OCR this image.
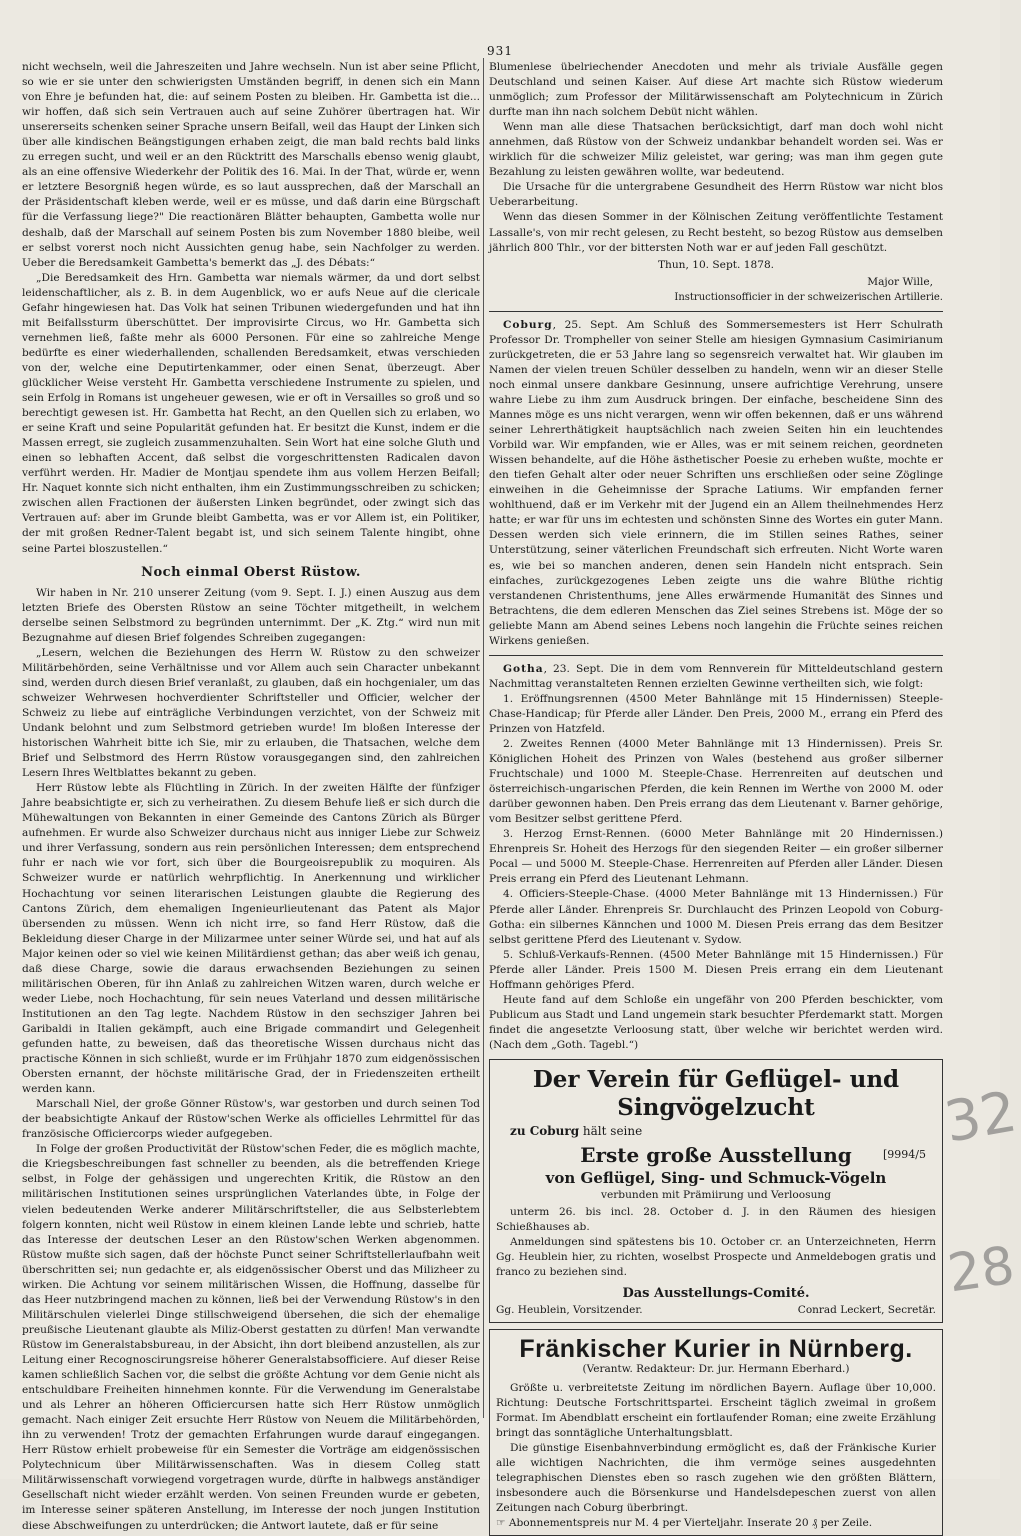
931

nicht wechseln, weil die Jahreszeiten und Jahre wechseln. Nun ist aber seine Pflicht, so wie er sie unter den schwierigsten Umständen begriff, in denen sich ein Mann von Ehre je befunden hat, die: auf seinem Posten zu bleiben. Hr. Gambetta ist die... wir hoffen, daß sich sein Vertrauen auch auf seine Zuhörer übertragen hat. Wir unsererseits schenken seiner Sprache unsern Beifall, weil das Haupt der Linken sich über alle kindischen Beängstigungen erhaben zeigt, die man bald rechts bald links zu erregen sucht, und weil er an den Rücktritt des Marschalls ebenso wenig glaubt, als an eine offensive Wiederkehr der Politik des 16. Mai. In der That, würde er, wenn er letztere Besorgniß hegen würde, es so laut aussprechen, daß der Marschall an der Präsidentschaft kleben werde, weil er es müsse, und daß darin eine Bürgschaft für die Verfassung liege?" Die reactionären Blätter behaupten, Gambetta wolle nur deshalb, daß der Marschall auf seinem Posten bis zum November 1880 bleibe, weil er selbst vorerst noch nicht Aussichten genug habe, sein Nachfolger zu werden. Ueber die Beredsamkeit Gambetta's bemerkt das „J. des Débats:“

„Die Beredsamkeit des Hrn. Gambetta war niemals wärmer, da und dort selbst leidenschaftlicher, als z. B. in dem Augenblick, wo er aufs Neue auf die clericale Gefahr hingewiesen hat. Das Volk hat seinen Tribunen wiedergefunden und hat ihn mit Beifallssturm überschüttet. Der improvisirte Circus, wo Hr. Gambetta sich vernehmen ließ, faßte mehr als 6000 Personen. Für eine so zahlreiche Menge bedürfte es einer wiederhallenden, schallenden Beredsamkeit, etwas verschieden von der, welche eine Deputirtenkammer, oder einen Senat, überzeugt. Aber glücklicher Weise versteht Hr. Gambetta verschiedene Instrumente zu spielen, und sein Erfolg in Romans ist ungeheuer gewesen, wie er oft in Versailles so groß und so berechtigt gewesen ist. Hr. Gambetta hat Recht, an den Quellen sich zu erlaben, wo er seine Kraft und seine Popularität gefunden hat. Er besitzt die Kunst, indem er die Massen erregt, sie zugleich zusammenzuhalten. Sein Wort hat eine solche Gluth und einen so lebhaften Accent, daß selbst die vorgeschrittensten Radicalen davon verführt werden. Hr. Madier de Montjau spendete ihm aus vollem Herzen Beifall; Hr. Naquet konnte sich nicht enthalten, ihm ein Zustimmungsschreiben zu schicken; zwischen allen Fractionen der äußersten Linken begründet, oder zwingt sich das Vertrauen auf: aber im Grunde bleibt Gambetta, was er vor Allem ist, ein Politiker, der mit großen Redner-Talent begabt ist, und sich seinem Talente hingibt, ohne seine Partei bloszustellen.“

Noch einmal Oberst Rüstow.

Wir haben in Nr. 210 unserer Zeitung (vom 9. Sept. I. J.) einen Auszug aus dem letzten Briefe des Obersten Rüstow an seine Töchter mitgetheilt, in welchem derselbe seinen Selbstmord zu begründen unternimmt. Der „K. Ztg.“ wird nun mit Bezugnahme auf diesen Brief folgendes Schreiben zugegangen:

„Lesern, welchen die Beziehungen des Herrn W. Rüstow zu den schweizer Militärbehörden, seine Verhältnisse und vor Allem auch sein Character unbekannt sind, werden durch diesen Brief veranlaßt, zu glauben, daß ein hochgenialer, um das schweizer Wehrwesen hochverdienter Schriftsteller und Officier, welcher der Schweiz zu liebe auf einträgliche Verbindungen verzichtet, von der Schweiz mit Undank belohnt und zum Selbstmord getrieben wurde! Im bloßen Interesse der historischen Wahrheit bitte ich Sie, mir zu erlauben, die Thatsachen, welche dem Brief und Selbstmord des Herrn Rüstow vorausgegangen sind, den zahlreichen Lesern Ihres Weltblattes bekannt zu geben.

Herr Rüstow lebte als Flüchtling in Zürich. In der zweiten Hälfte der fünfziger Jahre beabsichtigte er, sich zu verheirathen. Zu diesem Behufe ließ er sich durch die Mühewaltungen von Bekannten in einer Gemeinde des Cantons Zürich als Bürger aufnehmen. Er wurde also Schweizer durchaus nicht aus inniger Liebe zur Schweiz und ihrer Verfassung, sondern aus rein persönlichen Interessen; dem entsprechend fuhr er nach wie vor fort, sich über die Bourgeoisrepublik zu moquiren. Als Schweizer wurde er natürlich wehrpflichtig. In Anerkennung und wirklicher Hochachtung vor seinen literarischen Leistungen glaubte die Regierung des Cantons Zürich, dem ehemaligen Ingenieurlieutenant das Patent als Major übersenden zu müssen. Wenn ich nicht irre, so fand Herr Rüstow, daß die Bekleidung dieser Charge in der Milizarmee unter seiner Würde sei, und hat auf als Major keinen oder so viel wie keinen Militärdienst gethan; das aber weiß ich genau, daß diese Charge, sowie die daraus erwachsenden Beziehungen zu seinen militärischen Oberen, für ihn Anlaß zu zahlreichen Witzen waren, durch welche er weder Liebe, noch Hochachtung, für sein neues Vaterland und dessen militärische Institutionen an den Tag legte. Nachdem Rüstow in den sechsziger Jahren bei Garibaldi in Italien gekämpft, auch eine Brigade commandirt und Gelegenheit gefunden hatte, zu beweisen, daß das theoretische Wissen durchaus nicht das practische Können in sich schließt, wurde er im Frühjahr 1870 zum eidgenössischen Obersten ernannt, der höchste militärische Grad, der in Friedenszeiten ertheilt werden kann.

Marschall Niel, der große Gönner Rüstow's, war gestorben und durch seinen Tod der beabsichtigte Ankauf der Rüstow'schen Werke als officielles Lehrmittel für das französische Officiercorps wieder aufgegeben.

In Folge der großen Productivität der Rüstow'schen Feder, die es möglich machte, die Kriegsbeschreibungen fast schneller zu beenden, als die betreffenden Kriege selbst, in Folge der gehässigen und ungerechten Kritik, die Rüstow an den militärischen Institutionen seines ursprünglichen Vaterlandes übte, in Folge der vielen bedeutenden Werke anderer Militärschriftsteller, die aus Selbsterlebtem folgern konnten, nicht weil Rüstow in einem kleinen Lande lebte und schrieb, hatte das Interesse der deutschen Leser an den Rüstow'schen Werken abgenommen. Rüstow mußte sich sagen, daß der höchste Punct seiner Schriftstellerlaufbahn weit überschritten sei; nun gedachte er, als eidgenössischer Oberst und das Milizheer zu wirken. Die Achtung vor seinem militärischen Wissen, die Hoffnung, dasselbe für das Heer nutzbringend machen zu können, ließ bei der Verwendung Rüstow's in den Militärschulen vielerlei Dinge stillschweigend übersehen, die sich der ehemalige preußische Lieutenant glaubte als Miliz-Oberst gestatten zu dürfen! Man verwandte Rüstow im Generalstabsbureau, in der Absicht, ihn dort bleibend anzustellen, als zur Leitung einer Recognoscirungsreise höherer Generalstabsofficiere. Auf dieser Reise kamen schließlich Sachen vor, die selbst die größte Achtung vor dem Genie nicht als entschuldbare Freiheiten hinnehmen konnte. Für die Verwendung im Generalstabe und als Lehrer an höheren Officiercursen hatte sich Herr Rüstow unmöglich gemacht. Nach einiger Zeit ersuchte Herr Rüstow von Neuem die Militärbehörden, ihn zu verwenden! Trotz der gemachten Erfahrungen wurde darauf eingegangen. Herr Rüstow erhielt probeweise für ein Semester die Vorträge am eidgenössischen Polytechnicum über Militärwissenschaften. Was in diesem Colleg statt Militärwissenschaft vorwiegend vorgetragen wurde, dürfte in halbwegs anständiger Gesellschaft nicht wieder erzählt werden. Von seinen Freunden wurde er gebeten, im Interesse seiner späteren Anstellung, im Interesse der noch jungen Institution diese Abschweifungen zu unterdrücken; die Antwort lautete, daß er für seine

Blumenlese übelriechender Anecdoten und mehr als triviale Ausfälle gegen Deutschland und seinen Kaiser. Auf diese Art machte sich Rüstow wiederum unmöglich; zum Professor der Militärwissenschaft am Polytechnicum in Zürich durfte man ihn nach solchem Debüt nicht wählen.

Wenn man alle diese Thatsachen berücksichtigt, darf man doch wohl nicht annehmen, daß Rüstow von der Schweiz undankbar behandelt worden sei. Was er wirklich für die schweizer Miliz geleistet, war gering; was man ihm gegen gute Bezahlung zu leisten gewähren wollte, war bedeutend.

Die Ursache für die untergrabene Gesundheit des Herrn Rüstow war nicht blos Ueberarbeitung.

Wenn das diesen Sommer in der Kölnischen Zeitung veröffentlichte Testament Lassalle's, von mir recht gelesen, zu Recht besteht, so bezog Rüstow aus demselben jährlich 800 Thlr., vor der bittersten Noth war er auf jeden Fall geschützt.

Thun, 10. Sept. 1878.

Major Wille,

Instructionsofficier in der schweizerischen Artillerie.

Coburg, 25. Sept. Am Schluß des Sommersemesters ist Herr Schulrath Professor Dr. Trompheller von seiner Stelle am hiesigen Gymnasium Casimirianum zurückgetreten, die er 53 Jahre lang so segensreich verwaltet hat. Wir glauben im Namen der vielen treuen Schüler desselben zu handeln, wenn wir an dieser Stelle noch einmal unsere dankbare Gesinnung, unsere aufrichtige Verehrung, unsere wahre Liebe zu ihm zum Ausdruck bringen. Der einfache, bescheidene Sinn des Mannes möge es uns nicht verargen, wenn wir offen bekennen, daß er uns während seiner Lehrerthätigkeit hauptsächlich nach zweien Seiten hin ein leuchtendes Vorbild war. Wir empfanden, wie er Alles, was er mit seinem reichen, geordneten Wissen behandelte, auf die Höhe ästhetischer Poesie zu erheben wußte, mochte er den tiefen Gehalt alter oder neuer Schriften uns erschließen oder seine Zöglinge einweihen in die Geheimnisse der Sprache Latiums. Wir empfanden ferner wohlthuend, daß er im Verkehr mit der Jugend ein an Allem theilnehmendes Herz hatte; er war für uns im echtesten und schönsten Sinne des Wortes ein guter Mann. Dessen werden sich viele erinnern, die im Stillen seines Rathes, seiner Unterstützung, seiner väterlichen Freundschaft sich erfreuten. Nicht Worte waren es, wie bei so manchen anderen, denen sein Handeln nicht entsprach. Sein einfaches, zurückgezogenes Leben zeigte uns die wahre Blüthe richtig verstandenen Christenthums, jene Alles erwärmende Humanität des Sinnes und Betrachtens, die dem edleren Menschen das Ziel seines Strebens ist. Möge der so geliebte Mann am Abend seines Lebens noch langehin die Früchte seines reichen Wirkens genießen.

Gotha, 23. Sept. Die in dem vom Rennverein für Mitteldeutschland gestern Nachmittag veranstalteten Rennen erzielten Gewinne vertheilten sich, wie folgt:

1. Eröffnungsrennen (4500 Meter Bahnlänge mit 15 Hindernissen) Steeple-Chase-Handicap; für Pferde aller Länder. Den Preis, 2000 M., errang ein Pferd des Prinzen von Hatzfeld.

2. Zweites Rennen (4000 Meter Bahnlänge mit 13 Hindernissen). Preis Sr. Königlichen Hoheit des Prinzen von Wales (bestehend aus großer silberner Fruchtschale) und 1000 M. Steeple-Chase. Herrenreiten auf deutschen und österreichisch-ungarischen Pferden, die kein Rennen im Werthe von 2000 M. oder darüber gewonnen haben. Den Preis errang das dem Lieutenant v. Barner gehörige, vom Besitzer selbst gerittene Pferd.

3. Herzog Ernst-Rennen. (6000 Meter Bahnlänge mit 20 Hindernissen.) Ehrenpreis Sr. Hoheit des Herzogs für den siegenden Reiter — ein großer silberner Pocal — und 5000 M. Steeple-Chase. Herrenreiten auf Pferden aller Länder. Diesen Preis errang ein Pferd des Lieutenant Lehmann.

4. Officiers-Steeple-Chase. (4000 Meter Bahnlänge mit 13 Hindernissen.) Für Pferde aller Länder. Ehrenpreis Sr. Durchlaucht des Prinzen Leopold von Coburg-Gotha: ein silbernes Kännchen und 1000 M. Diesen Preis errang das dem Besitzer selbst gerittene Pferd des Lieutenant v. Sydow.

5. Schluß-Verkaufs-Rennen. (4500 Meter Bahnlänge mit 15 Hindernissen.) Für Pferde aller Länder. Preis 1500 M. Diesen Preis errang ein dem Lieutenant Hoffmann gehöriges Pferd.

Heute fand auf dem Schloße ein ungefähr von 200 Pferden beschickter, vom Publicum aus Stadt und Land ungemein stark besuchter Pferdemarkt statt. Morgen findet die angesetzte Verloosung statt, über welche wir berichtet werden wird. (Nach dem „Goth. Tagebl.“)

Der Verein für Geflügel- und Singvögelzucht

zu Coburg hält seine

Erste große Ausstellung	[9994/5
von Geflügel, Sing- und Schmuck-Vögeln
verbunden mit Prämiirung und Verloosung

unterm 26. bis incl. 28. October d. J. in den Räumen des hiesigen Schießhauses ab.

Anmeldungen sind spätestens bis 10. October cr. an Unterzeichneten, Herrn Gg. Heublein hier, zu richten, woselbst Prospecte und Anmeldebogen gratis und franco zu beziehen sind.

Das Ausstellungs-Comité.
Gg. Heublein, Vorsitzender.	Conrad Leckert, Secretär.
Fränkischer Kurier in Nürnberg.
(Verantw. Redakteur: Dr. jur. Hermann Eberhard.)

Größte u. verbreitetste Zeitung im nördlichen Bayern. Auflage über 10,000. Richtung: Deutsche Fortschrittspartei. Erscheint täglich zweimal in großem Format. Im Abendblatt erscheint ein fortlaufender Roman; eine zweite Erzählung bringt das sonntägliche Unterhaltungsblatt.

Die günstige Eisenbahnverbindung ermöglicht es, daß der Fränkische Kurier alle wichtigen Nachrichten, die ihm vermöge seines ausgedehnten telegraphischen Dienstes eben so rasch zugehen wie den größten Blättern, insbesondere auch die Börsenkurse und Handelsdepeschen zuerst von allen Zeitungen nach Coburg überbringt.

☞ Abonnementspreis nur M. 4 per Vierteljahr. Inserate 20 ₰ per Zeile.

32
28
